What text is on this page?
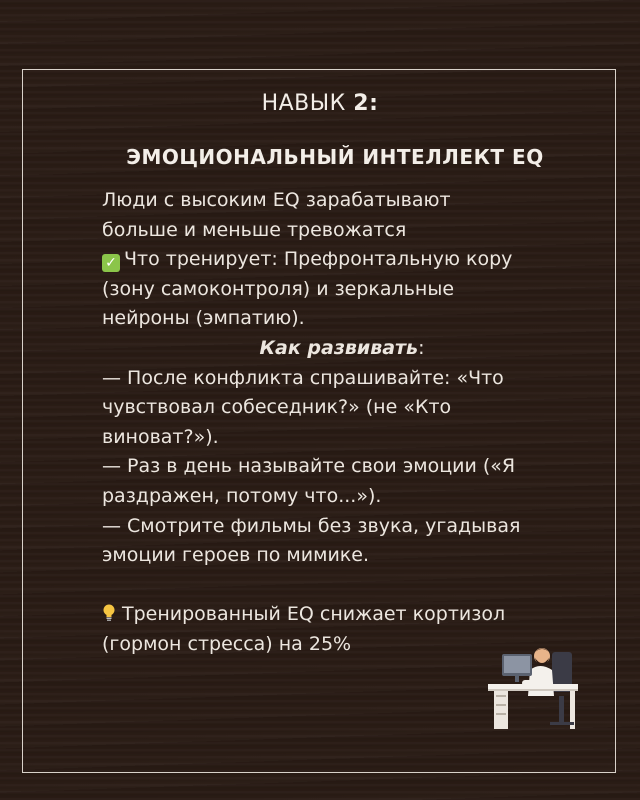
НАВЫК 2:
ЭМОЦИОНАЛЬНЫЙ ИНТЕЛЛЕКТ EQ
Люди с высоким EQ зарабатывают
больше и меньше тревожатся
✓ Что тренирует: Префронтальную кору
(зону самоконтроля) и зеркальные
нейроны (эмпатию).
Как развивать:
— После конфликта спрашивайте: «Что
чувствовал собеседник?» (не «Кто
виноват?»).
— Раз в день называйте свои эмоции («Я
раздражен, потому что...»).
— Смотрите фильмы без звука, угадывая
эмоции героев по мимике.
Тренированный EQ снижает кортизол
(гормон стресса) на 25%
